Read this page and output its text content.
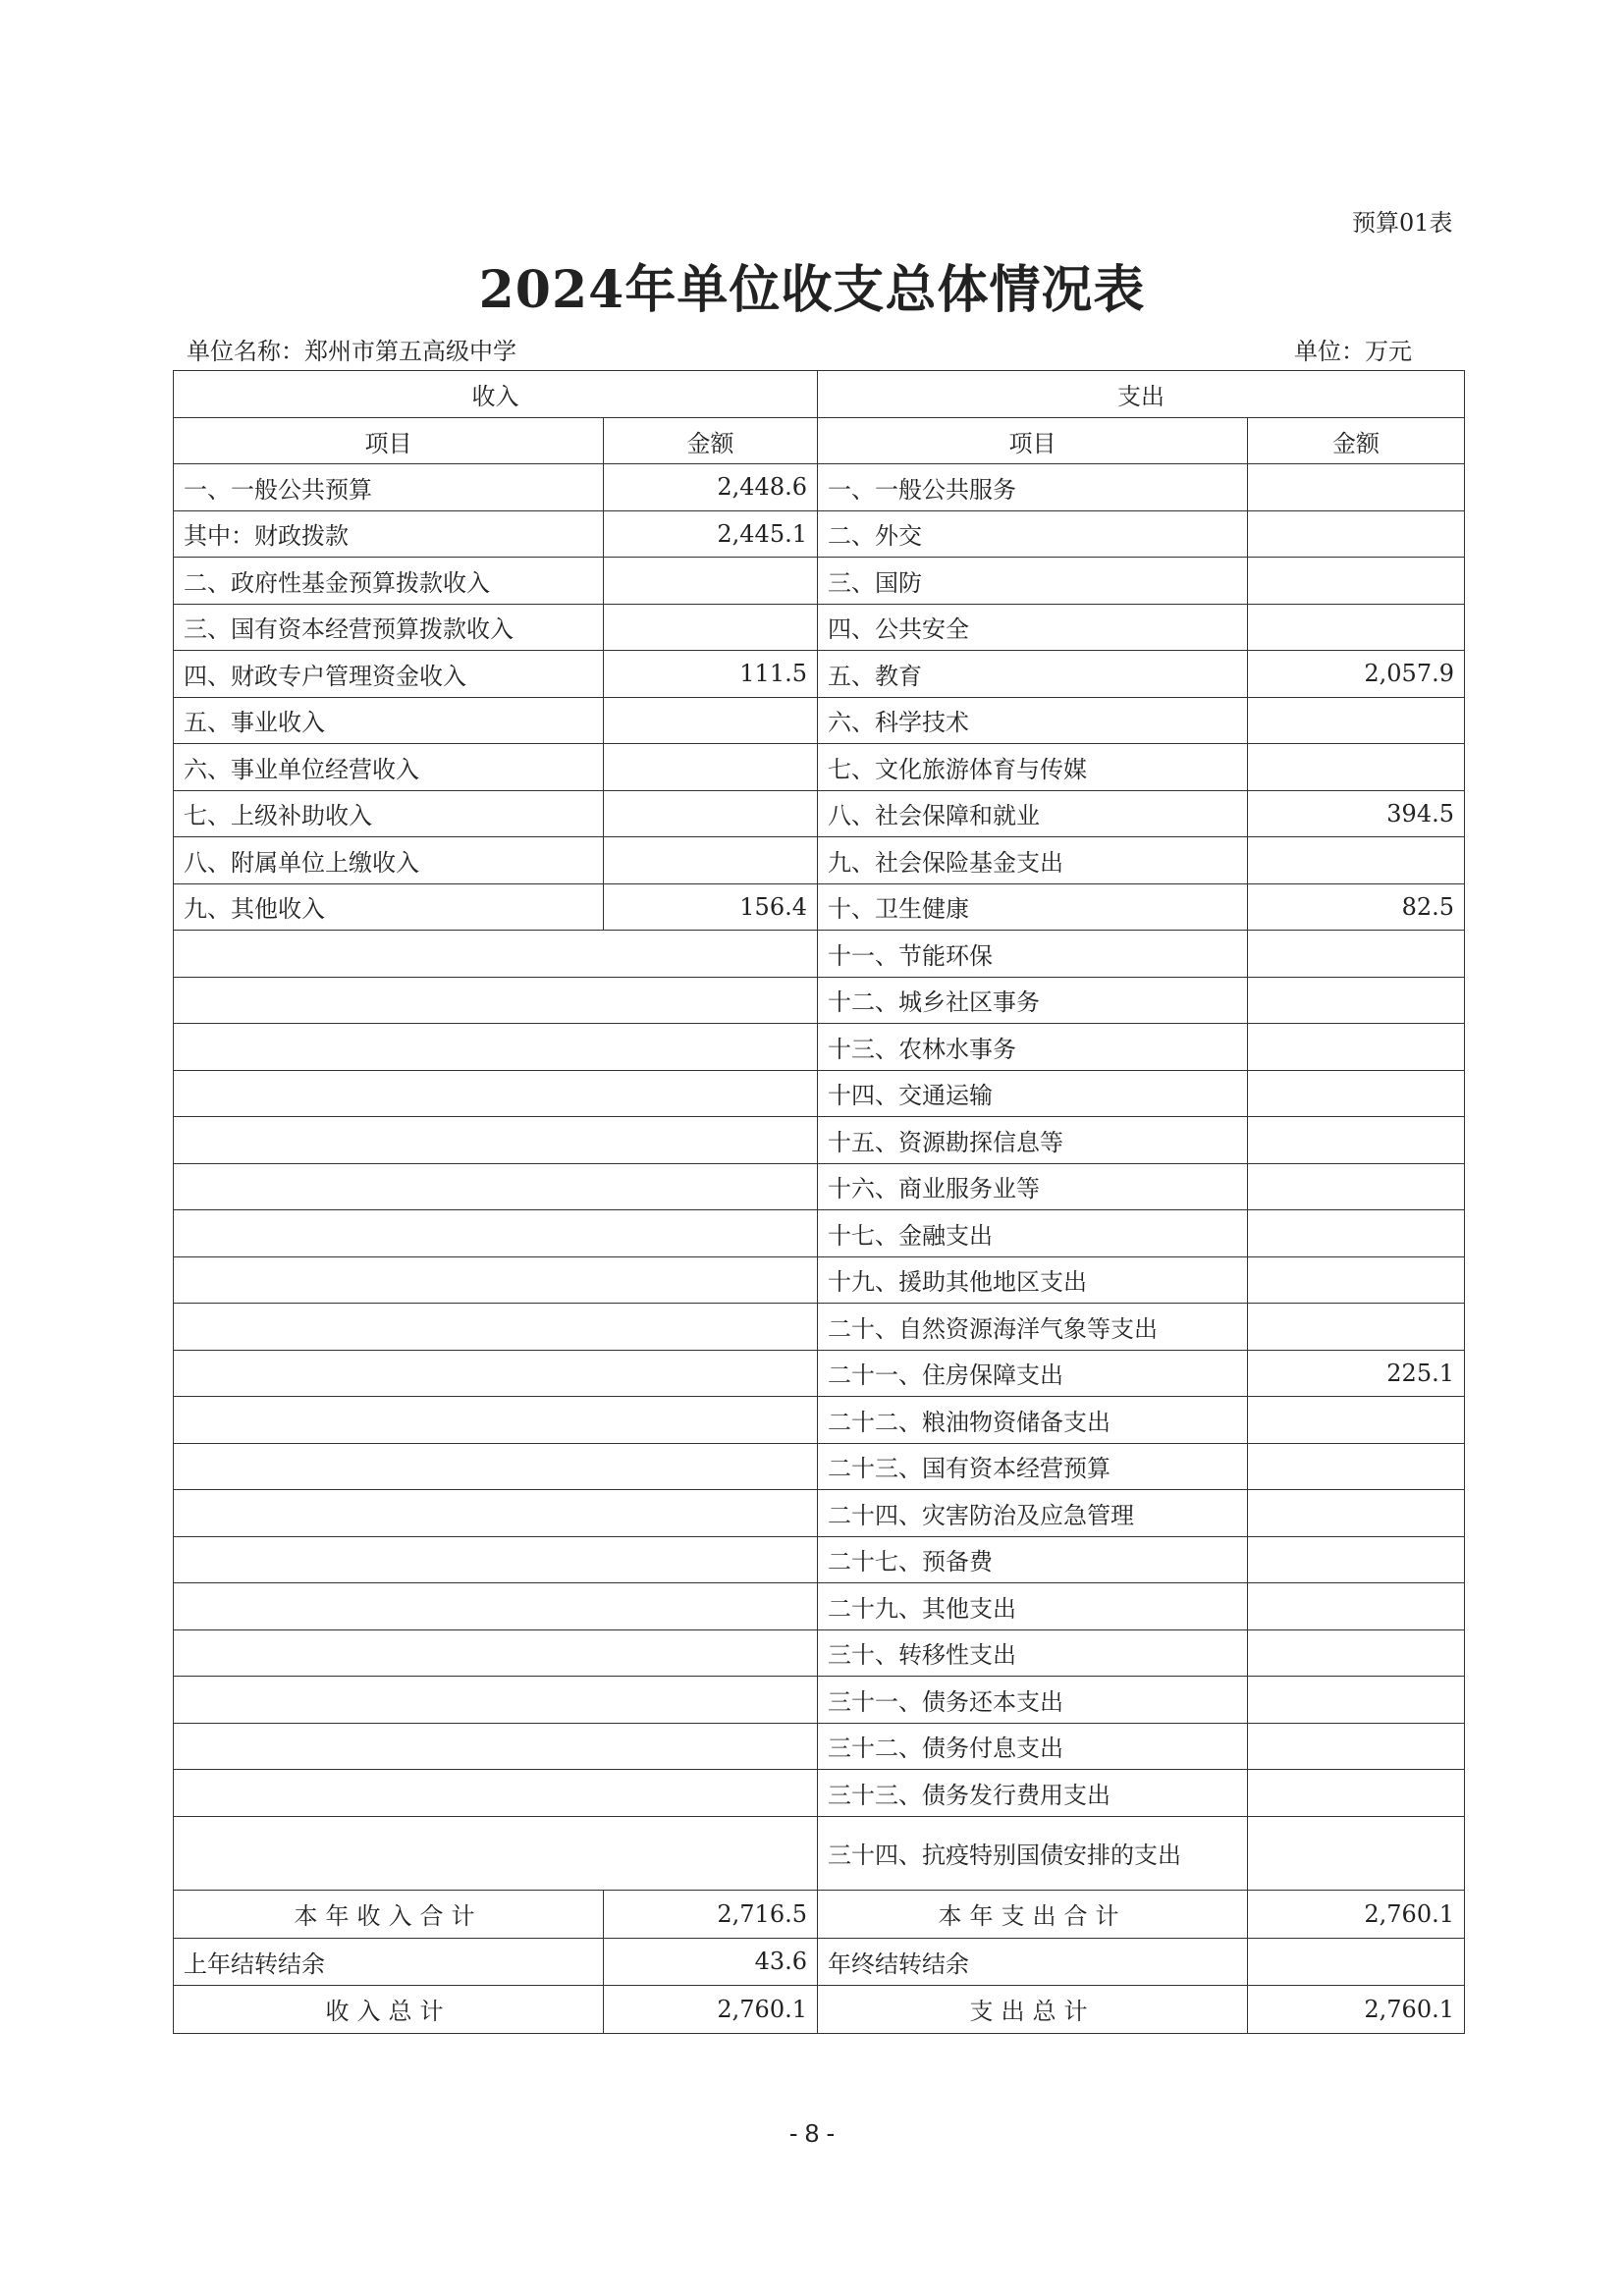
预算01表
2024年单位收支总体情况表
单位名称：郑州市第五高级中学	单位：万元
收入		支出	
项目	金额	项目	金额
一、一般公共预算	2,448.6	一、一般公共服务	
其中：财政拨款	2,445.1	二、外交	
二、政府性基金预算拨款收入		三、国防	
三、国有资本经营预算拨款收入		四、公共安全	
四、财政专户管理资金收入	111.5	五、教育	2,057.9
五、事业收入		六、科学技术	
六、事业单位经营收入		七、文化旅游体育与传媒	
七、上级补助收入		八、社会保障和就业	394.5
八、附属单位上缴收入		九、社会保险基金支出	
九、其他收入	156.4	十、卫生健康	82.5
		十一、节能环保	
		十二、城乡社区事务	
		十三、农林水事务	
		十四、交通运输	
		十五、资源勘探信息等	
		十六、商业服务业等	
		十七、金融支出	
		十九、援助其他地区支出	
		二十、自然资源海洋气象等支出	
		二十一、住房保障支出	225.1
		二十二、粮油物资储备支出	
		二十三、国有资本经营预算	
		二十四、灾害防治及应急管理	
		二十七、预备费	
		二十九、其他支出	
		三十、转移性支出	
		三十一、债务还本支出	
		三十二、债务付息支出	
		三十三、债务发行费用支出	
		三十四、抗疫特别国债安排的支出	
本年收入合计	2,716.5	本年支出合计	2,760.1
上年结转结余	43.6	年终结转结余	
收入总计	2,760.1	支出总计	2,760.1
- 8 -
